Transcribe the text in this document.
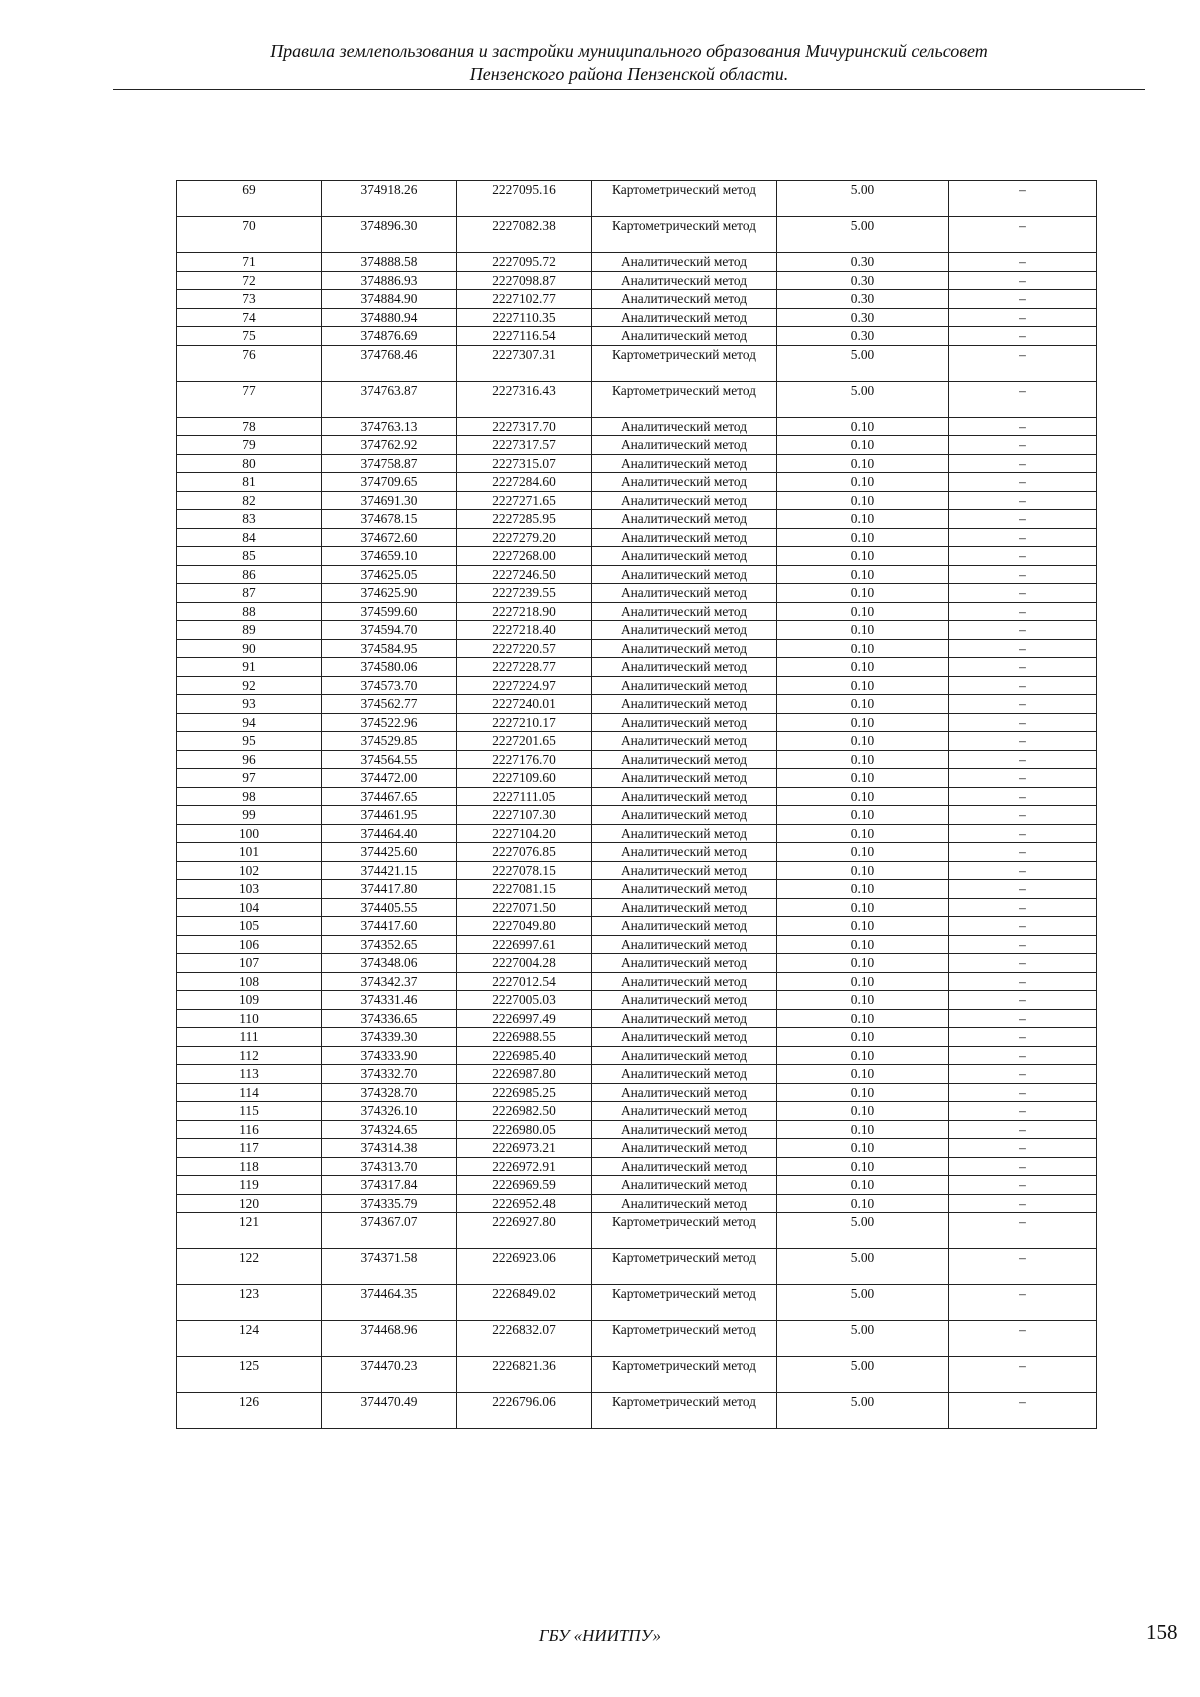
Правила землепользования и застройки муниципального образования Мичуринский сельсовет
Пензенского района Пензенской области.
69	374918.26	2227095.16	Картометрический метод	5.00	–
70	374896.30	2227082.38	Картометрический метод	5.00	–
71	374888.58	2227095.72	Аналитический метод	0.30	–
72	374886.93	2227098.87	Аналитический метод	0.30	–
73	374884.90	2227102.77	Аналитический метод	0.30	–
74	374880.94	2227110.35	Аналитический метод	0.30	–
75	374876.69	2227116.54	Аналитический метод	0.30	–
76	374768.46	2227307.31	Картометрический метод	5.00	–
77	374763.87	2227316.43	Картометрический метод	5.00	–
78	374763.13	2227317.70	Аналитический метод	0.10	–
79	374762.92	2227317.57	Аналитический метод	0.10	–
80	374758.87	2227315.07	Аналитический метод	0.10	–
81	374709.65	2227284.60	Аналитический метод	0.10	–
82	374691.30	2227271.65	Аналитический метод	0.10	–
83	374678.15	2227285.95	Аналитический метод	0.10	–
84	374672.60	2227279.20	Аналитический метод	0.10	–
85	374659.10	2227268.00	Аналитический метод	0.10	–
86	374625.05	2227246.50	Аналитический метод	0.10	–
87	374625.90	2227239.55	Аналитический метод	0.10	–
88	374599.60	2227218.90	Аналитический метод	0.10	–
89	374594.70	2227218.40	Аналитический метод	0.10	–
90	374584.95	2227220.57	Аналитический метод	0.10	–
91	374580.06	2227228.77	Аналитический метод	0.10	–
92	374573.70	2227224.97	Аналитический метод	0.10	–
93	374562.77	2227240.01	Аналитический метод	0.10	–
94	374522.96	2227210.17	Аналитический метод	0.10	–
95	374529.85	2227201.65	Аналитический метод	0.10	–
96	374564.55	2227176.70	Аналитический метод	0.10	–
97	374472.00	2227109.60	Аналитический метод	0.10	–
98	374467.65	2227111.05	Аналитический метод	0.10	–
99	374461.95	2227107.30	Аналитический метод	0.10	–
100	374464.40	2227104.20	Аналитический метод	0.10	–
101	374425.60	2227076.85	Аналитический метод	0.10	–
102	374421.15	2227078.15	Аналитический метод	0.10	–
103	374417.80	2227081.15	Аналитический метод	0.10	–
104	374405.55	2227071.50	Аналитический метод	0.10	–
105	374417.60	2227049.80	Аналитический метод	0.10	–
106	374352.65	2226997.61	Аналитический метод	0.10	–
107	374348.06	2227004.28	Аналитический метод	0.10	–
108	374342.37	2227012.54	Аналитический метод	0.10	–
109	374331.46	2227005.03	Аналитический метод	0.10	–
110	374336.65	2226997.49	Аналитический метод	0.10	–
111	374339.30	2226988.55	Аналитический метод	0.10	–
112	374333.90	2226985.40	Аналитический метод	0.10	–
113	374332.70	2226987.80	Аналитический метод	0.10	–
114	374328.70	2226985.25	Аналитический метод	0.10	–
115	374326.10	2226982.50	Аналитический метод	0.10	–
116	374324.65	2226980.05	Аналитический метод	0.10	–
117	374314.38	2226973.21	Аналитический метод	0.10	–
118	374313.70	2226972.91	Аналитический метод	0.10	–
119	374317.84	2226969.59	Аналитический метод	0.10	–
120	374335.79	2226952.48	Аналитический метод	0.10	–
121	374367.07	2226927.80	Картометрический метод	5.00	–
122	374371.58	2226923.06	Картометрический метод	5.00	–
123	374464.35	2226849.02	Картометрический метод	5.00	–
124	374468.96	2226832.07	Картометрический метод	5.00	–
125	374470.23	2226821.36	Картометрический метод	5.00	–
126	374470.49	2226796.06	Картометрический метод	5.00	–
ГБУ «НИИТПУ»	158
